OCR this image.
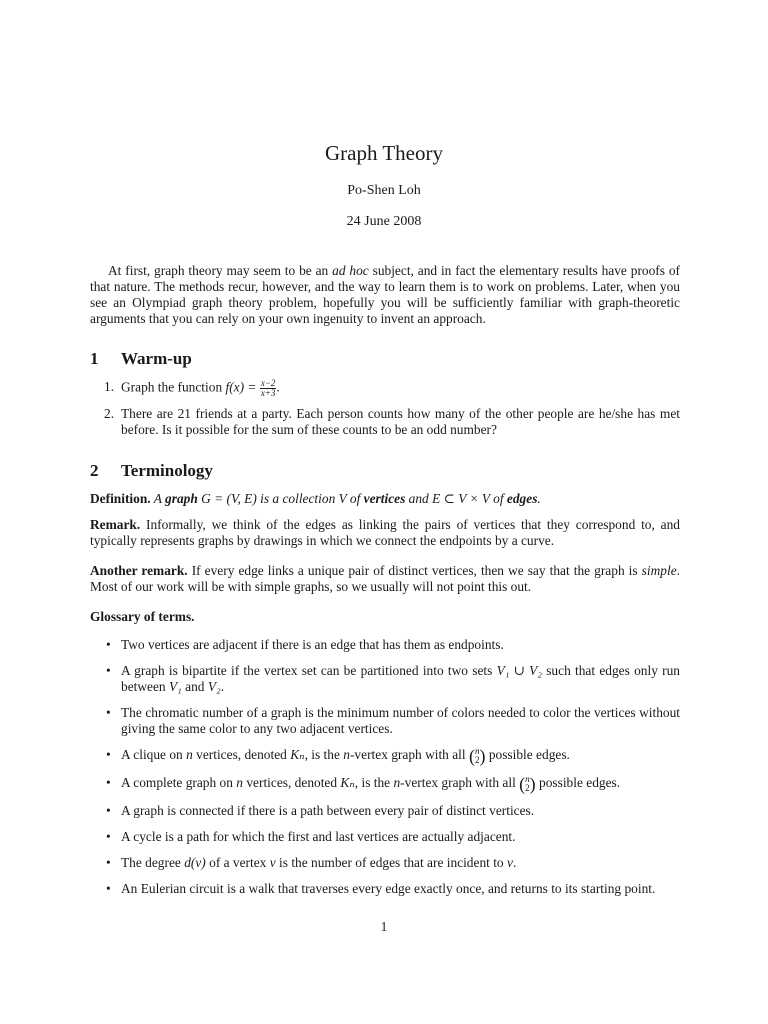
Graph Theory
Po-Shen Loh
24 June 2008

At first, graph theory may seem to be an ad hoc subject, and in fact the elementary results have proofs of that nature. The methods recur, however, and the way to learn them is to work on problems. Later, when you see an Olympiad graph theory problem, hopefully you will be sufficiently familiar with graph-theoretic arguments that you can rely on your own ingenuity to invent an approach.

1 Warm-up
1. Graph the function $f(x) = \frac{x-2}{x+3}$ .
2. There are 21 friends at a party. Each person counts how many of the other people are he/she has met before. Is it possible for the sum of these counts to be an odd number?
2 Terminology

Definition. A graph G = (V, E) is a collection V of vertices and E ⊂ V × V of edges.

Remark. Informally, we think of the edges as linking the pairs of vertices that they correspond to, and typically represents graphs by drawings in which we connect the endpoints by a curve.

Another remark. If every edge links a unique pair of distinct vertices, then we say that the graph is simple. Most of our work will be with simple graphs, so we usually will not point this out.

Glossary of terms.

• Two vertices are adjacent if there is an edge that has them as endpoints.
• A graph is bipartite if the vertex set can be partitioned into two sets V₁ ∪ V₂ such that edges only run between V₁ and V₂.
• The chromatic number of a graph is the minimum number of colors needed to color the vertices without giving the same color to any two adjacent vertices.
• A clique on n vertices, denoted Kₙ, is the n-vertex graph with all (n
2) possible edges.
• A complete graph on n vertices, denoted Kₙ, is the n-vertex graph with all (n
2) possible edges.
• A graph is connected if there is a path between every pair of distinct vertices.
• A cycle is a path for which the first and last vertices are actually adjacent.
• The degree d(v) of a vertex v is the number of edges that are incident to v.
• An Eulerian circuit is a walk that traverses every edge exactly once, and returns to its starting point.
1
